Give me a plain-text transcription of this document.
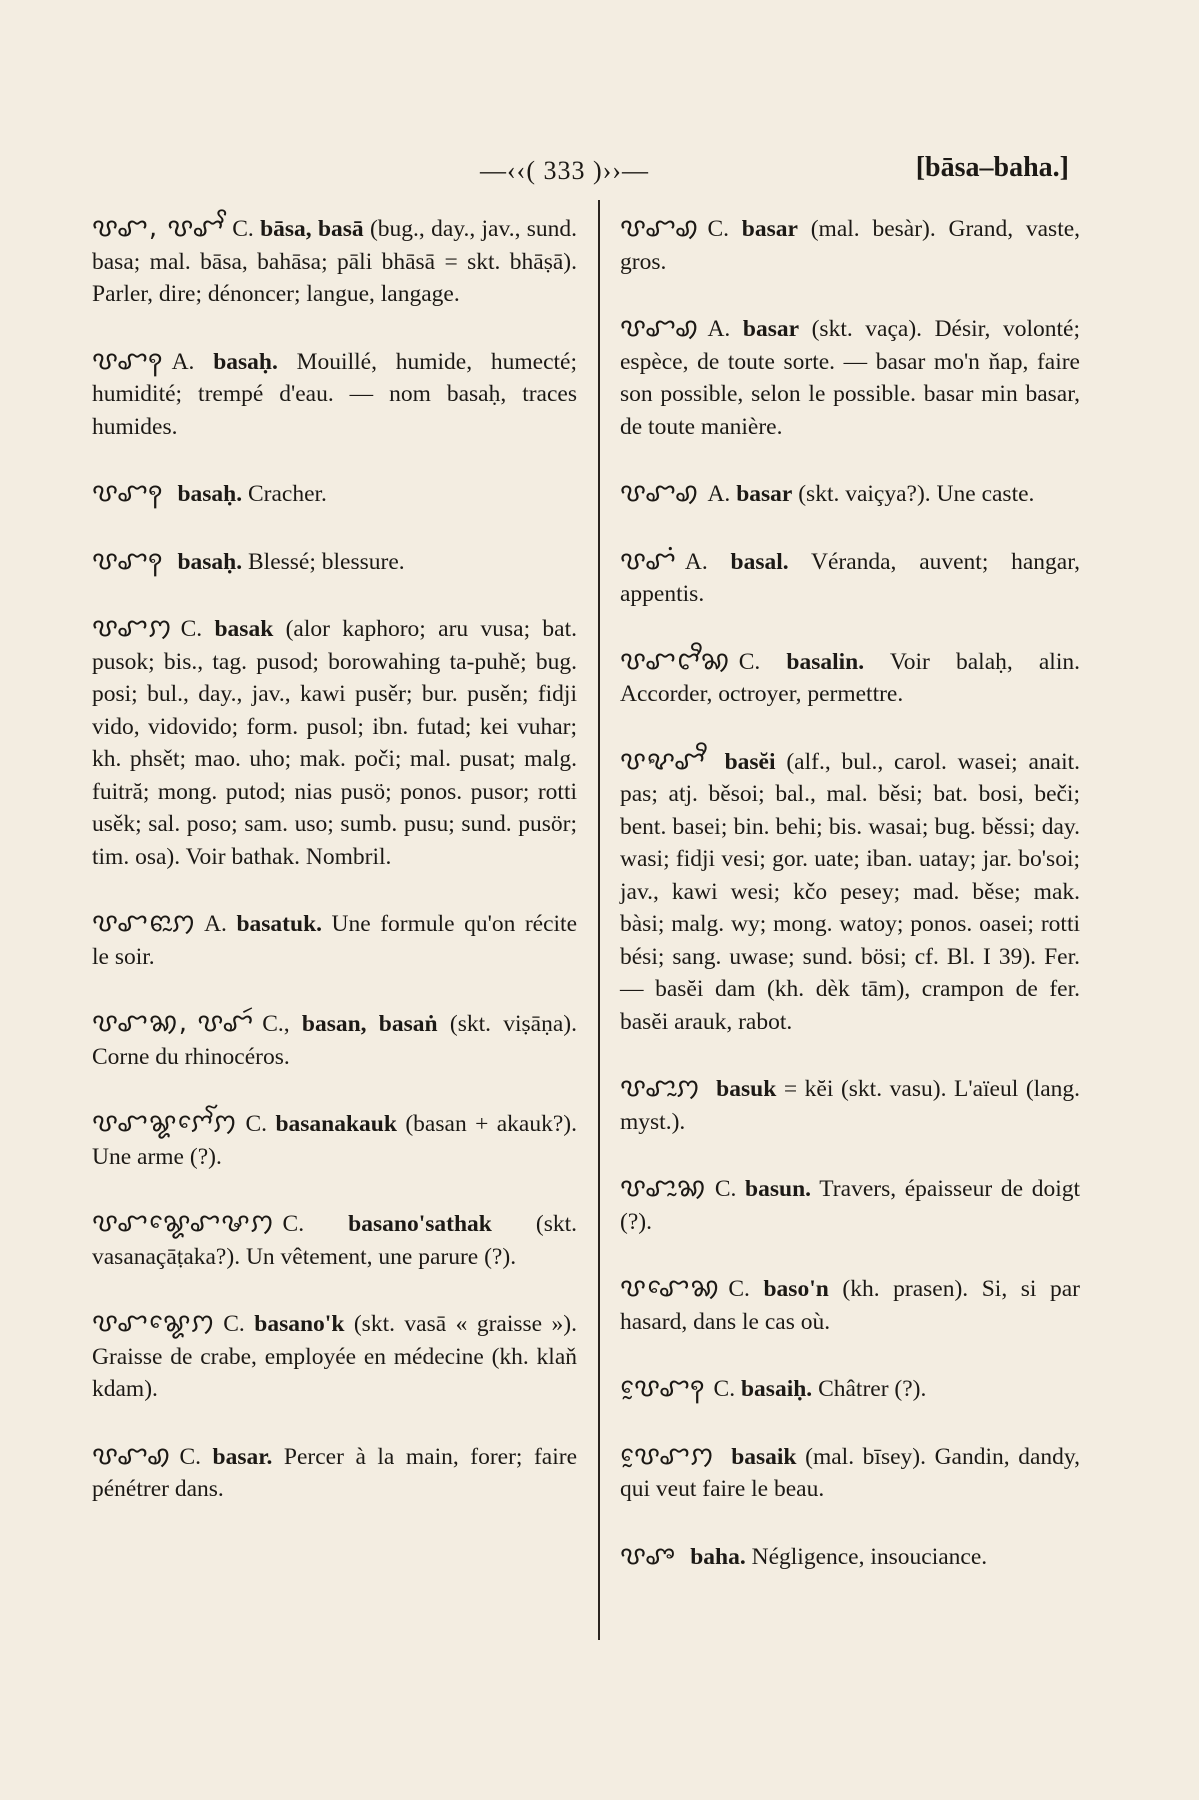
—‹‹( 333 )››—	[bāsa–baha.]

ꨝꨧ, ꨝꨧꨩ C. bāsa, basā (bug., day., jav., sund. basa; mal. bāsa, bahāsa; pāli bhāsā = skt. bhāṣā). Parler, dire; dénoncer; langue, langage.

ꨝꨧꩍ A. basaḥ. Mouillé, humide, humecté; humidité; trempé d'eau. — nom basaḥ, traces humides.

ꨝꨧꩍ basaḥ. Cracher.

ꨝꨧꩍ basaḥ. Blessé; blessure.

ꨝꨧꩀ C. basak (alor kaphoro; aru vusa; bat. pusok; bis., tag. pusod; borowahing ta-puhě; bug. posi; bul., day., jav., kawi pusěr; bur. pusěn; fidji vido, vidovido; form. pusol; ibn. futad; kei vuhar; kh. phsět; mao. uho; mak. poči; mal. pusat; malg. fuitră; mong. putod; nias pusö; ponos. pusor; rotti usěk; sal. poso; sam. uso; sumb. pusu; sund. pusör; tim. osa). Voir bathak. Nombril.

ꨝꨧꨓꨭꩀ A. basatuk. Une formule qu'on récite le soir.

ꨝꨧꩆ, ꨝꨧꩃ C., basan, basaṅ (skt. viṣāṇa). Corne du rhinocéros.

ꨝꨧꨘꨆꨯꨱꩀ C. basanakauk (basan + akauk?). Une arme (?).

ꨝꨧꨘꨯꨧꨔꩀ C. basano'sathak (skt. vasanaçāṭaka?). Un vêtement, une parure (?).

ꨝꨧꨘꨯꩀ C. basano'k (skt. vasā « graisse »). Graisse de crabe, employée en médecine (kh. klaň kdam).

ꨝꨧꩉ C. basar. Percer à la main, forer; faire pénétrer dans.

ꨝꨧꩉ C. basar (mal. besàr). Grand, vaste, gros.

ꨝꨧꩉ A. basar (skt. vaça). Désir, volonté; espèce, de toute sorte. — basar mo'n ňap, faire son possible, selon le possible. basar min basar, de toute manière.

ꨝꨧꩉ A. basar (skt. vaiçya?). Une caste.

ꨝꨧꩌ A. basal. Véranda, auvent; hangar, appentis.

ꨝꨧꨤꨪꩆ C. basalin. Voir balaḥ, alin. Accorder, octroyer, permettre.

ꨝꨦꨧꨪ basĕi (alf., bul., carol. wasei; anait. pas; atj. běsoi; bal., mal. běsi; bat. bosi, beči; bent. basei; bin. behi; bis. wasai; bug. běssi; day. wasi; fidji vesi; gor. uate; iban. uatay; jar. bo'soi; jav., kawi wesi; kčo pesey; mad. běse; mak. bàsi; malg. wy; mong. watoy; ponos. oasei; rotti bési; sang. uwase; sund. bösi; cf. Bl. I 39). Fer. — basĕi dam (kh. dèk tām), crampon de fer. basĕi arauk, rabot.

ꨝꨧꨭꩀ basuk = kĕi (skt. vasu). L'aïeul (lang. myst.).

ꨝꨧꨭꩆ C. basun. Travers, épaisseur de doigt (?).

ꨝꨧꨯꩆ C. baso'n (kh. prasen). Si, si par hasard, dans le cas où.

ꨝꨰꨧꩍ C. basaiḥ. Châtrer (?).

ꨝꨰꨧꩀ basaik (mal. bīsey). Gandin, dandy, qui veut faire le beau.

ꨝꨨ baha. Négligence, insouciance.
